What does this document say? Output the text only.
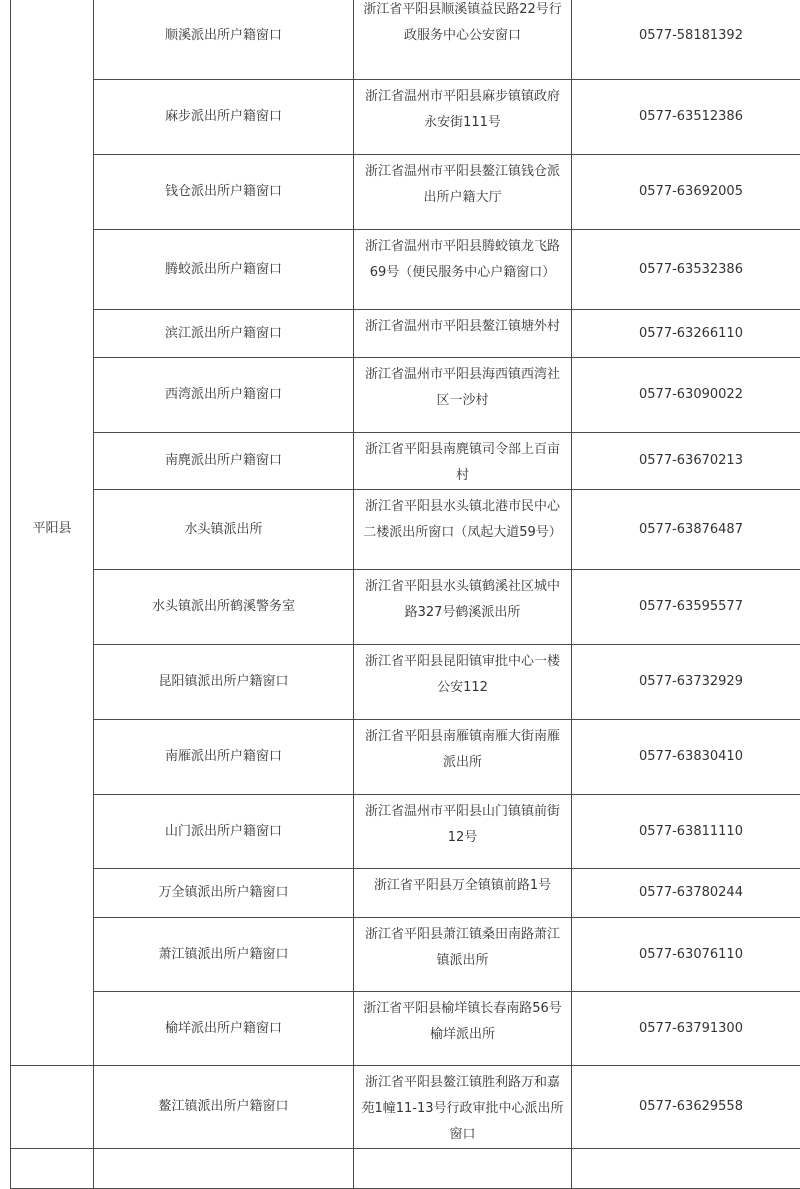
平阳县	顺溪派出所户籍窗口	浙江省平阳县顺溪镇益民路22号行政服务中心公安窗口	0577-58181392
	麻步派出所户籍窗口	浙江省温州市平阳县麻步镇镇政府永安街111号	0577-63512386
	钱仓派出所户籍窗口	浙江省温州市平阳县鳌江镇钱仓派出所户籍大厅	0577-63692005
	腾蛟派出所户籍窗口	浙江省温州市平阳县腾蛟镇龙飞路69号（便民服务中心户籍窗口）	0577-63532386
	滨江派出所户籍窗口	浙江省温州市平阳县鳌江镇塘外村	0577-63266110
	西湾派出所户籍窗口	浙江省温州市平阳县海西镇西湾社区一沙村	0577-63090022
	南麂派出所户籍窗口	浙江省平阳县南麂镇司令部上百亩村	0577-63670213
	水头镇派出所	浙江省平阳县水头镇北港市民中心二楼派出所窗口（凤起大道59号）	0577-63876487
	水头镇派出所鹤溪警务室	浙江省平阳县水头镇鹤溪社区城中路327号鹤溪派出所	0577-63595577
	昆阳镇派出所户籍窗口	浙江省平阳县昆阳镇审批中心一楼公安112	0577-63732929
	南雁派出所户籍窗口	浙江省平阳县南雁镇南雁大街南雁派出所	0577-63830410
	山门派出所户籍窗口	浙江省温州市平阳县山门镇镇前街12号	0577-63811110
	万全镇派出所户籍窗口	浙江省平阳县万全镇镇前路1号	0577-63780244
	萧江镇派出所户籍窗口	浙江省平阳县萧江镇桑田南路萧江镇派出所	0577-63076110
	榆垟派出所户籍窗口	浙江省平阳县榆垟镇长春南路56号榆垟派出所	0577-63791300
	鳌江镇派出所户籍窗口	浙江省平阳县鳌江镇胜利路万和嘉苑1幢11-13号行政审批中心派出所窗口	0577-63629558
